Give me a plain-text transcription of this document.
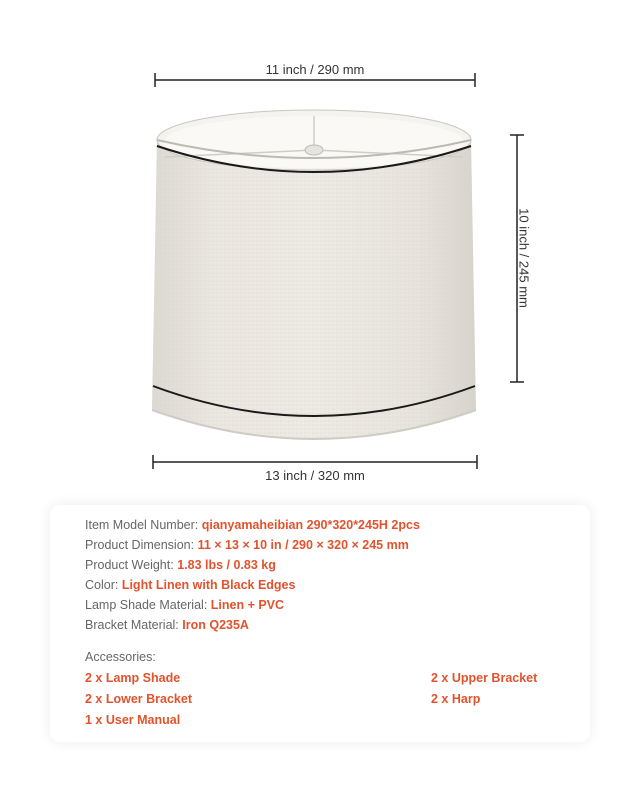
11 inch / 290 mm
10 inch / 245 mm
13 inch / 320 mm
Item Model Number: qianyamaheibian 290*320*245H 2pcs
Product Dimension: 11 × 13 × 10 in / 290 × 320 × 245 mm
Product Weight: 1.83 lbs / 0.83 kg
Color: Light Linen with Black Edges
Lamp Shade Material: Linen + PVC
Bracket Material: Iron Q235A
Accessories:
2 x Lamp Shade	2 x Upper Bracket
2 x Lower Bracket	2 x Harp
1 x User Manual
